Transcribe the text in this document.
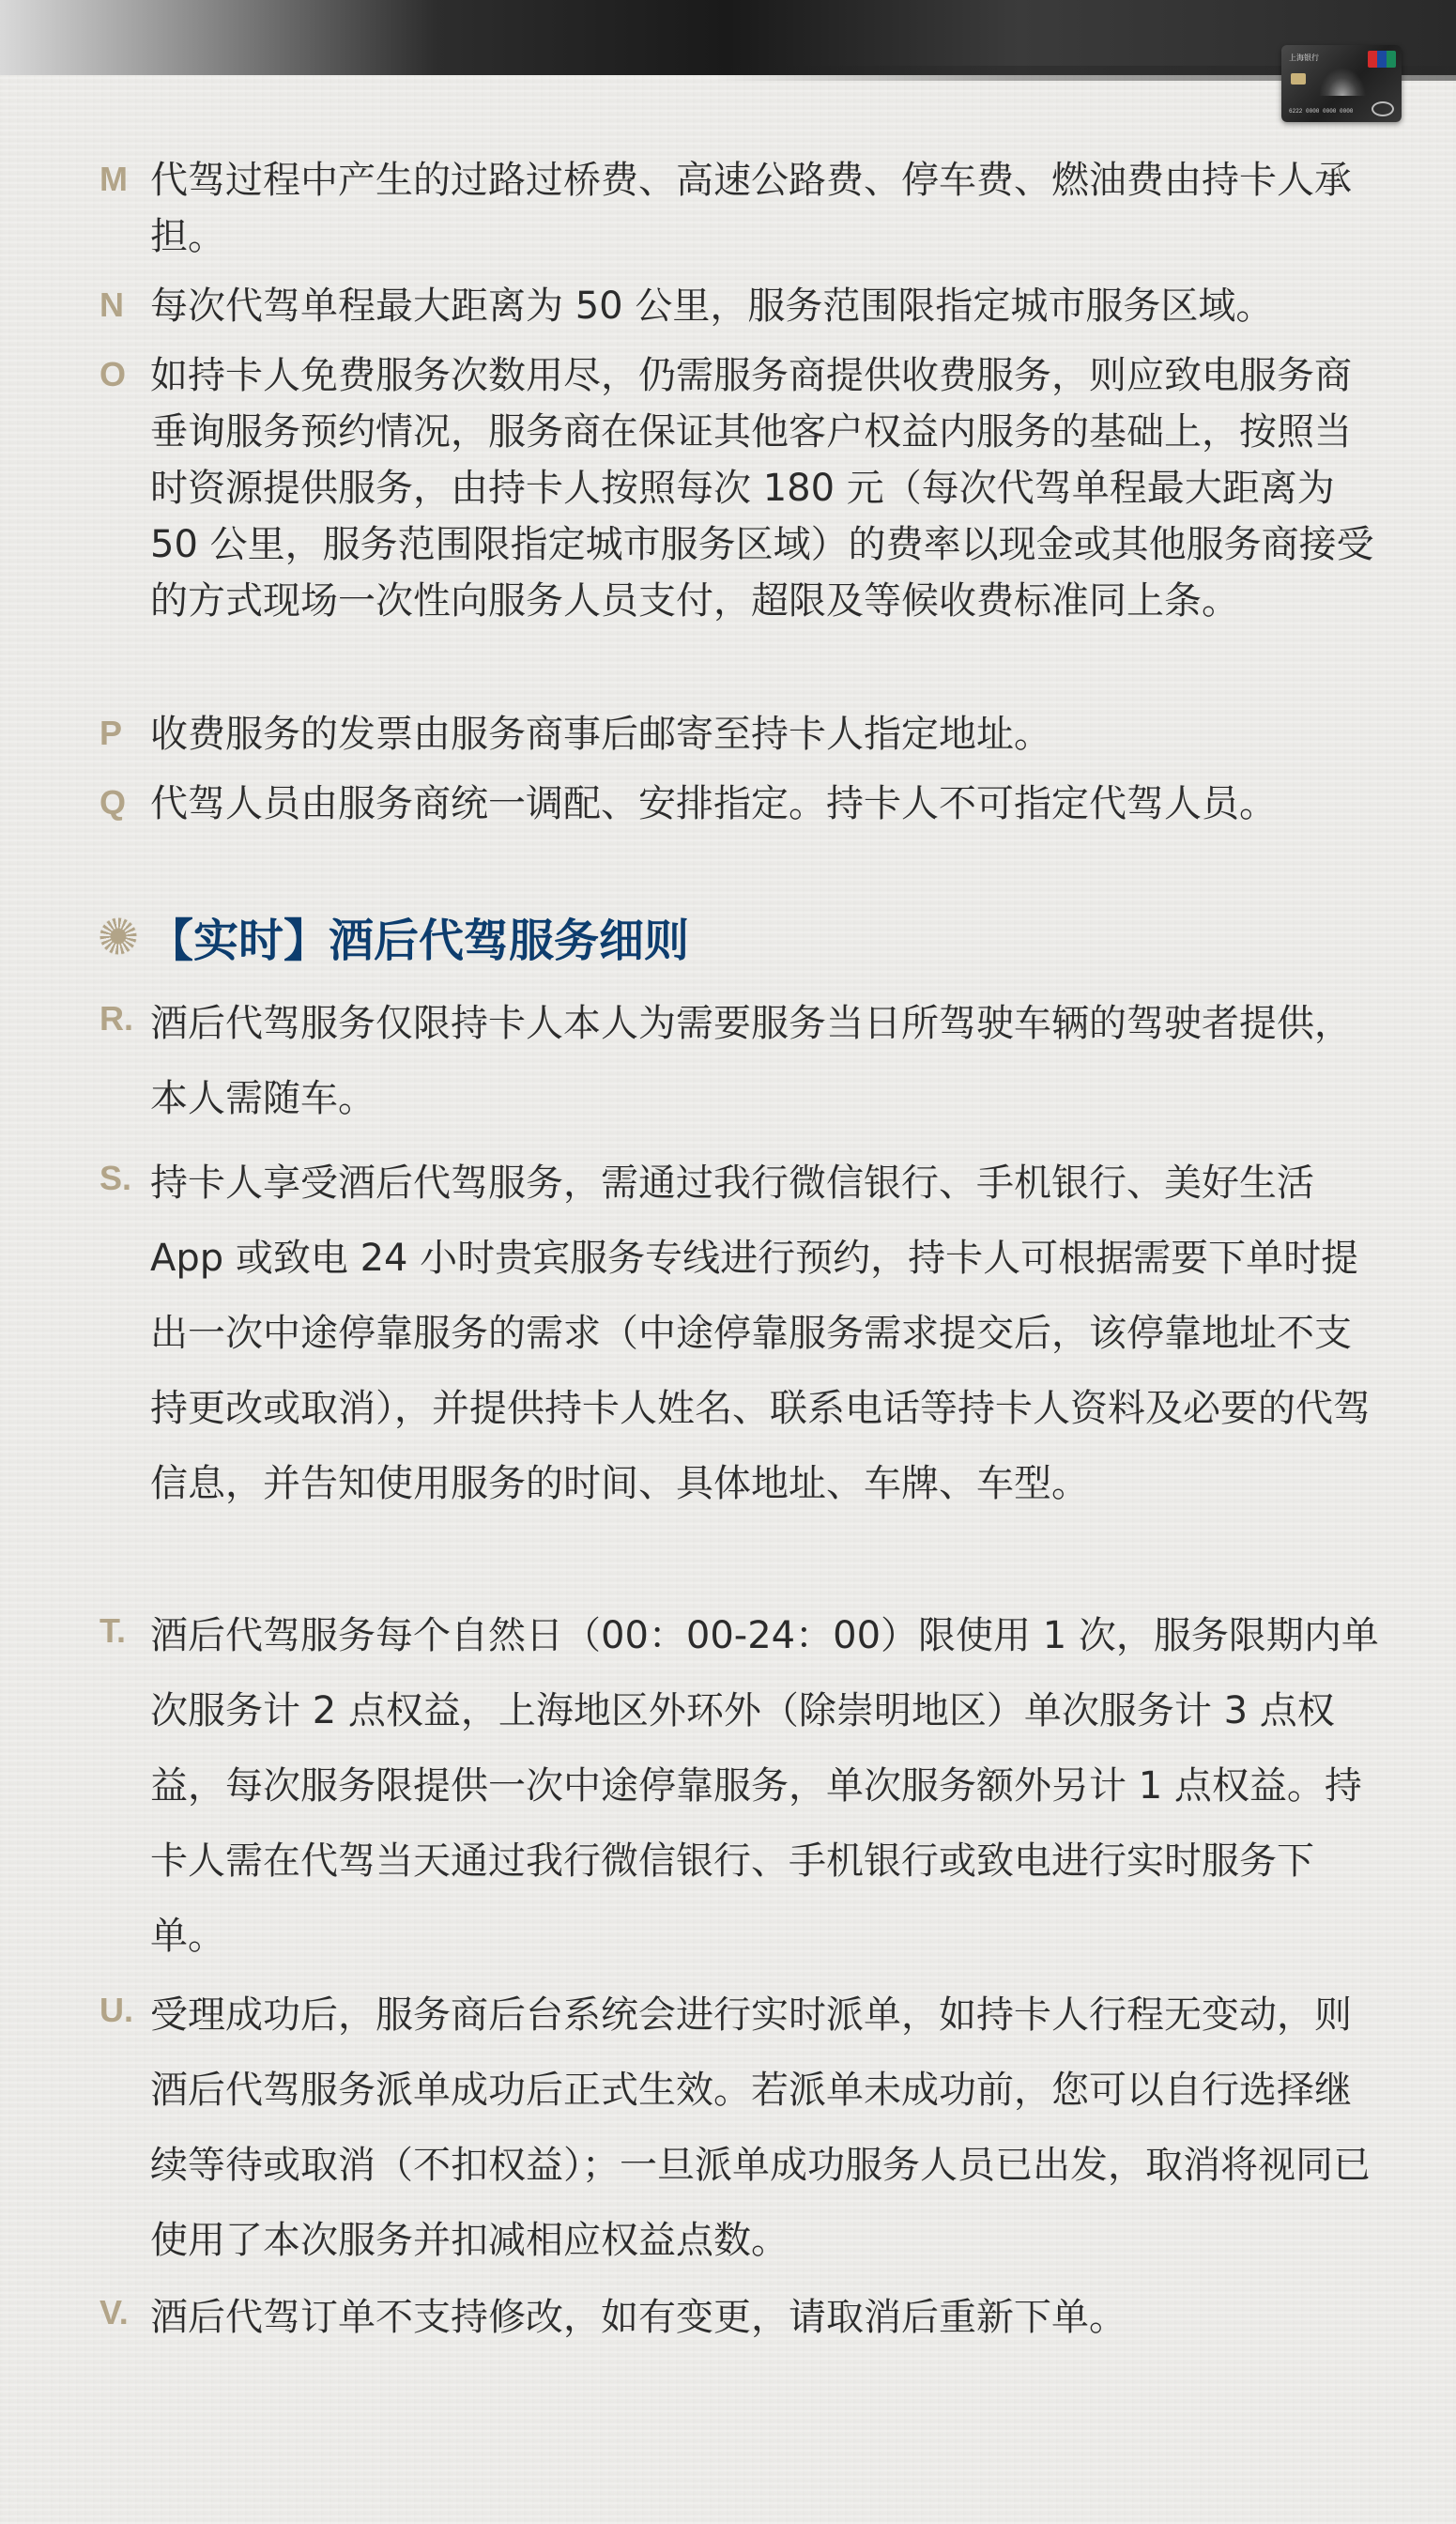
上海银行
6222 0000 0000 0000
M 代驾过程中产生的过路过桥费、高速公路费、停车费、燃油费由持卡人承担。
N 每次代驾单程最大距离为 50 公里，服务范围限指定城市服务区域。
O 如持卡人免费服务次数用尽，仍需服务商提供收费服务，则应致电服务商垂询服务预约情况，服务商在保证其他客户权益内服务的基础上，按照当时资源提供服务，由持卡人按照每次 180 元（每次代驾单程最大距离为 50 公里，服务范围限指定城市服务区域）的费率以现金或其他服务商接受的方式现场一次性向服务人员支付，超限及等候收费标准同上条。
P 收费服务的发票由服务商事后邮寄至持卡人指定地址。
Q 代驾人员由服务商统一调配、安排指定。持卡人不可指定代驾人员。
【实时】酒后代驾服务细则
R. 酒后代驾服务仅限持卡人本人为需要服务当日所驾驶车辆的驾驶者提供，本人需随车。
S. 持卡人享受酒后代驾服务，需通过我行微信银行、手机银行、美好生活 App 或致电 24 小时贵宾服务专线进行预约，持卡人可根据需要下单时提出一次中途停靠服务的需求（中途停靠服务需求提交后，该停靠地址不支持更改或取消），并提供持卡人姓名、联系电话等持卡人资料及必要的代驾信息，并告知使用服务的时间、具体地址、车牌、车型。
T. 酒后代驾服务每个自然日（00：00-24：00）限使用 1 次，服务限期内单次服务计 2 点权益，上海地区外环外（除崇明地区）单次服务计 3 点权益，每次服务限提供一次中途停靠服务，单次服务额外另计 1 点权益。持卡人需在代驾当天通过我行微信银行、手机银行或致电进行实时服务下单。
U. 受理成功后，服务商后台系统会进行实时派单，如持卡人行程无变动，则酒后代驾服务派单成功后正式生效。若派单未成功前，您可以自行选择继续等待或取消（不扣权益）；一旦派单成功服务人员已出发，取消将视同已使用了本次服务并扣减相应权益点数。
V. 酒后代驾订单不支持修改，如有变更，请取消后重新下单。
